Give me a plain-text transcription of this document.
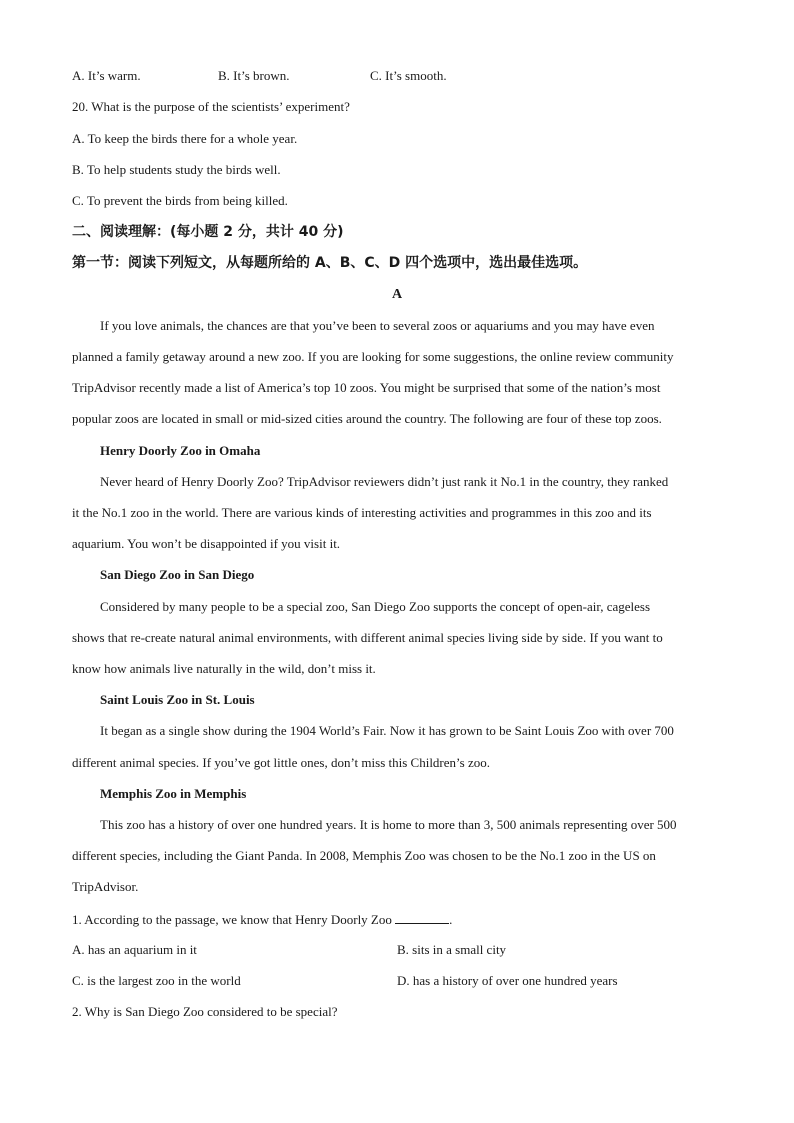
A. It’s warm.	B. It’s brown.	C. It’s smooth.
20. What is the purpose of the scientists’ experiment?
A. To keep the birds there for a whole year.
B. To help students study the birds well.
C. To prevent the birds from being killed.
二、阅读理解：(每小题 2 分，共计 40 分)
第一节：阅读下列短文，从每题所给的 A、B、C、D 四个选项中，选出最佳选项。
A
If you love animals, the chances are that you’ve been to several zoos or aquariums and you may have even
planned a family getaway around a new zoo. If you are looking for some suggestions, the online review community
TripAdvisor recently made a list of America’s top 10 zoos. You might be surprised that some of the nation’s most
popular zoos are located in small or mid-sized cities around the country. The following are four of these top zoos.
Henry Doorly Zoo in Omaha
Never heard of Henry Doorly Zoo? TripAdvisor reviewers didn’t just rank it No.1 in the country, they ranked
it the No.1 zoo in the world. There are various kinds of interesting activities and programmes in this zoo and its
aquarium. You won’t be disappointed if you visit it.
San Diego Zoo in San Diego
Considered by many people to be a special zoo, San Diego Zoo supports the concept of open-air, cageless
shows that re-create natural animal environments, with different animal species living side by side. If you want to
know how animals live naturally in the wild, don’t miss it.
Saint Louis Zoo in St. Louis
It began as a single show during the 1904 World’s Fair. Now it has grown to be Saint Louis Zoo with over 700
different animal species. If you’ve got little ones, don’t miss this Children’s zoo.
Memphis Zoo in Memphis
This zoo has a history of over one hundred years. It is home to more than 3, 500 animals representing over 500
different species, including the Giant Panda. In 2008, Memphis Zoo was chosen to be the No.1 zoo in the US on
TripAdvisor.
1. According to the passage, we know that Henry Doorly Zoo	.
A. has an aquarium in it	B. sits in a small city
C. is the largest zoo in the world	D. has a history of over one hundred years
2. Why is San Diego Zoo considered to be special?
